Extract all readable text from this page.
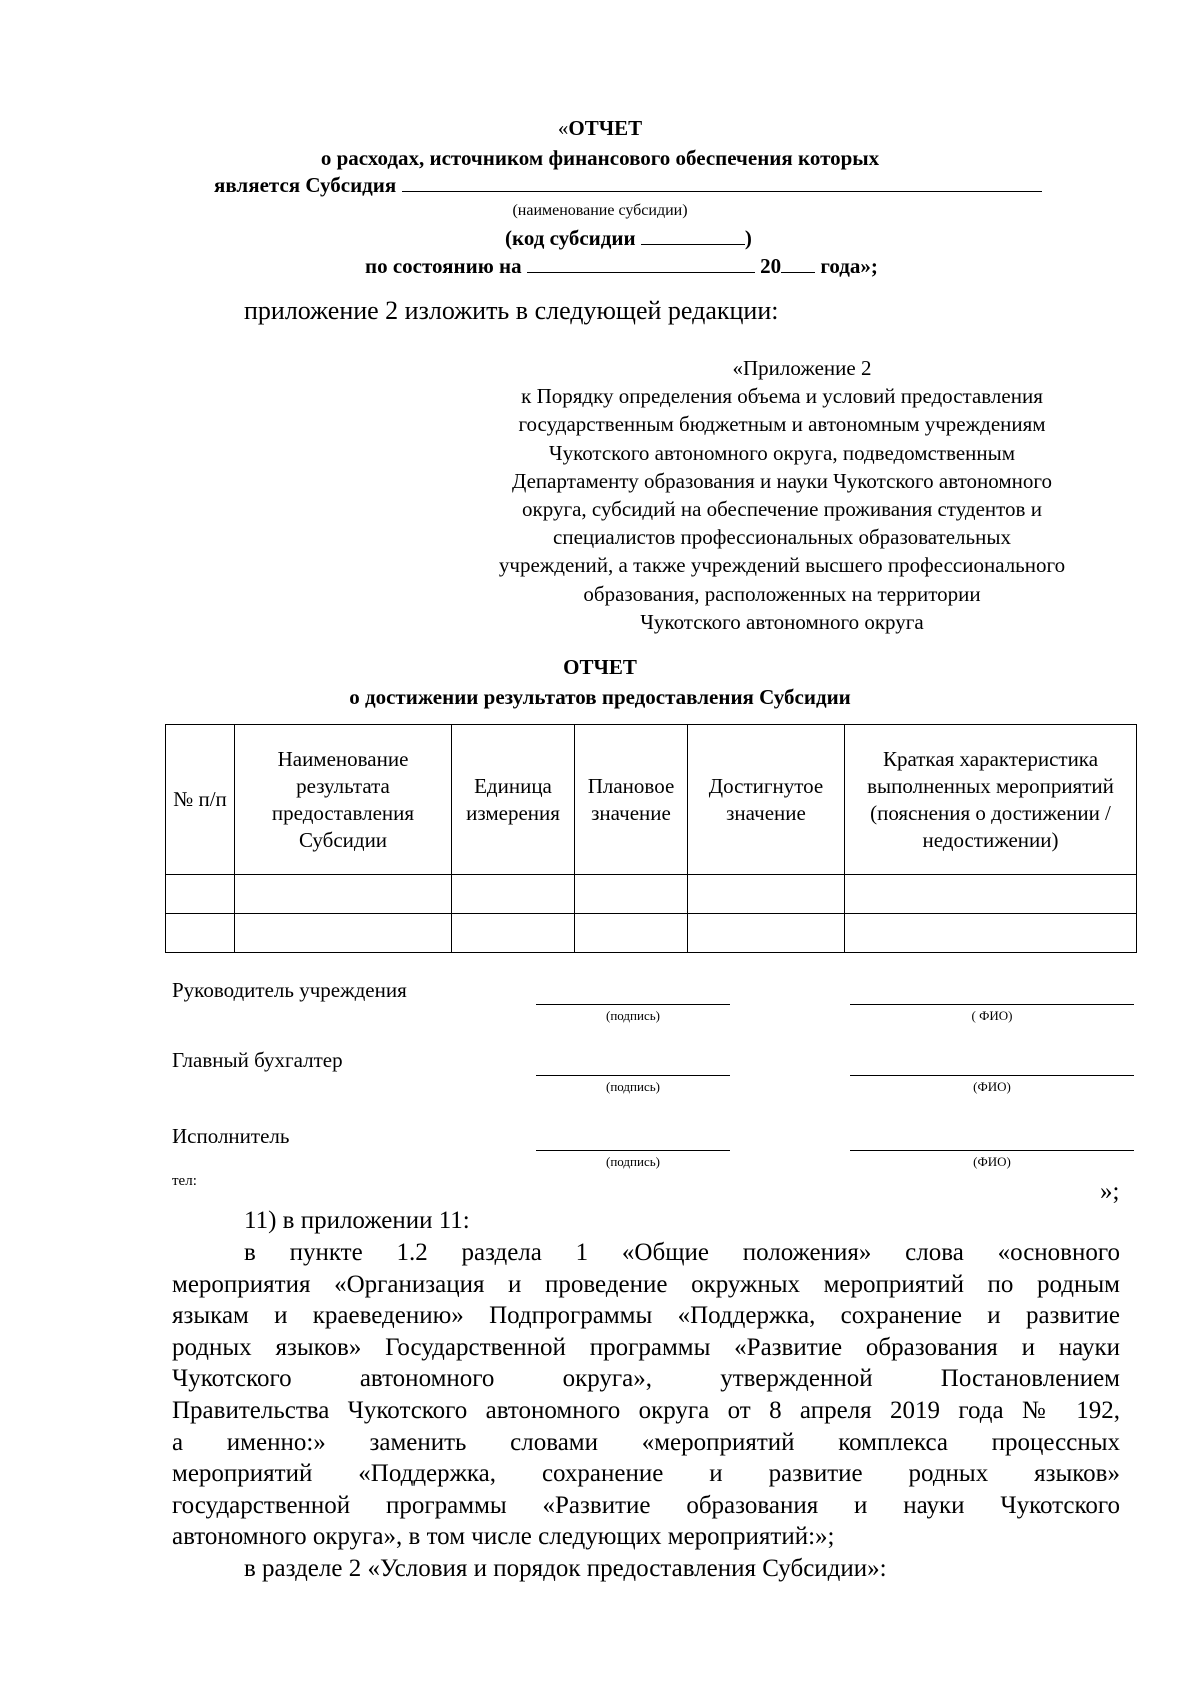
«ОТЧЕТ
о расходах, источником финансового обеспечения которых
является Субсидия
(наименование субсидии)
(код субсидии	)
по состоянию на	20 года»;
приложение 2 изложить в следующей редакции:
«Приложение 2
к Порядку определения объема и условий предоставления
государственным бюджетным и автономным учреждениям
Чукотского автономного округа, подведомственным
Департаменту образования и науки Чукотского автономного
округа, субсидий на обеспечение проживания студентов и
специалистов профессиональных образовательных
учреждений, а также учреждений высшего профессионального
образования, расположенных на территории
Чукотского автономного округа
ОТЧЕТ
о достижении результатов предоставления Субсидии
№ п/п	Наименование результата предоставления Субсидии	Единица измерения	Плановое значение	Достигнутое значение	Краткая характеристика выполненных мероприятий (пояснения о достижении / недостижении)

Руководитель учреждения
(подпись)	( ФИО)
Главный бухгалтер
(подпись)	(ФИО)
Исполнитель
(подпись)	(ФИО)
тел:	»;
11) в приложении 11:
в пункте 1.2 раздела 1 «Общие положения» слова «основного
мероприятия «Организация и проведение окружных мероприятий по родным
языкам и краеведению» Подпрограммы «Поддержка, сохранение и развитие
родных языков» Государственной программы «Развитие образования и науки
Чукотского автономного округа», утвержденной Постановлением
Правительства Чукотского автономного округа от 8 апреля 2019 года № 192,
а именно:» заменить словами «мероприятий комплекса процессных
мероприятий «Поддержка, сохранение и развитие родных языков»
государственной программы «Развитие образования и науки Чукотского
автономного округа», в том числе следующих мероприятий:»;
в разделе 2 «Условия и порядок предоставления Субсидии»:
